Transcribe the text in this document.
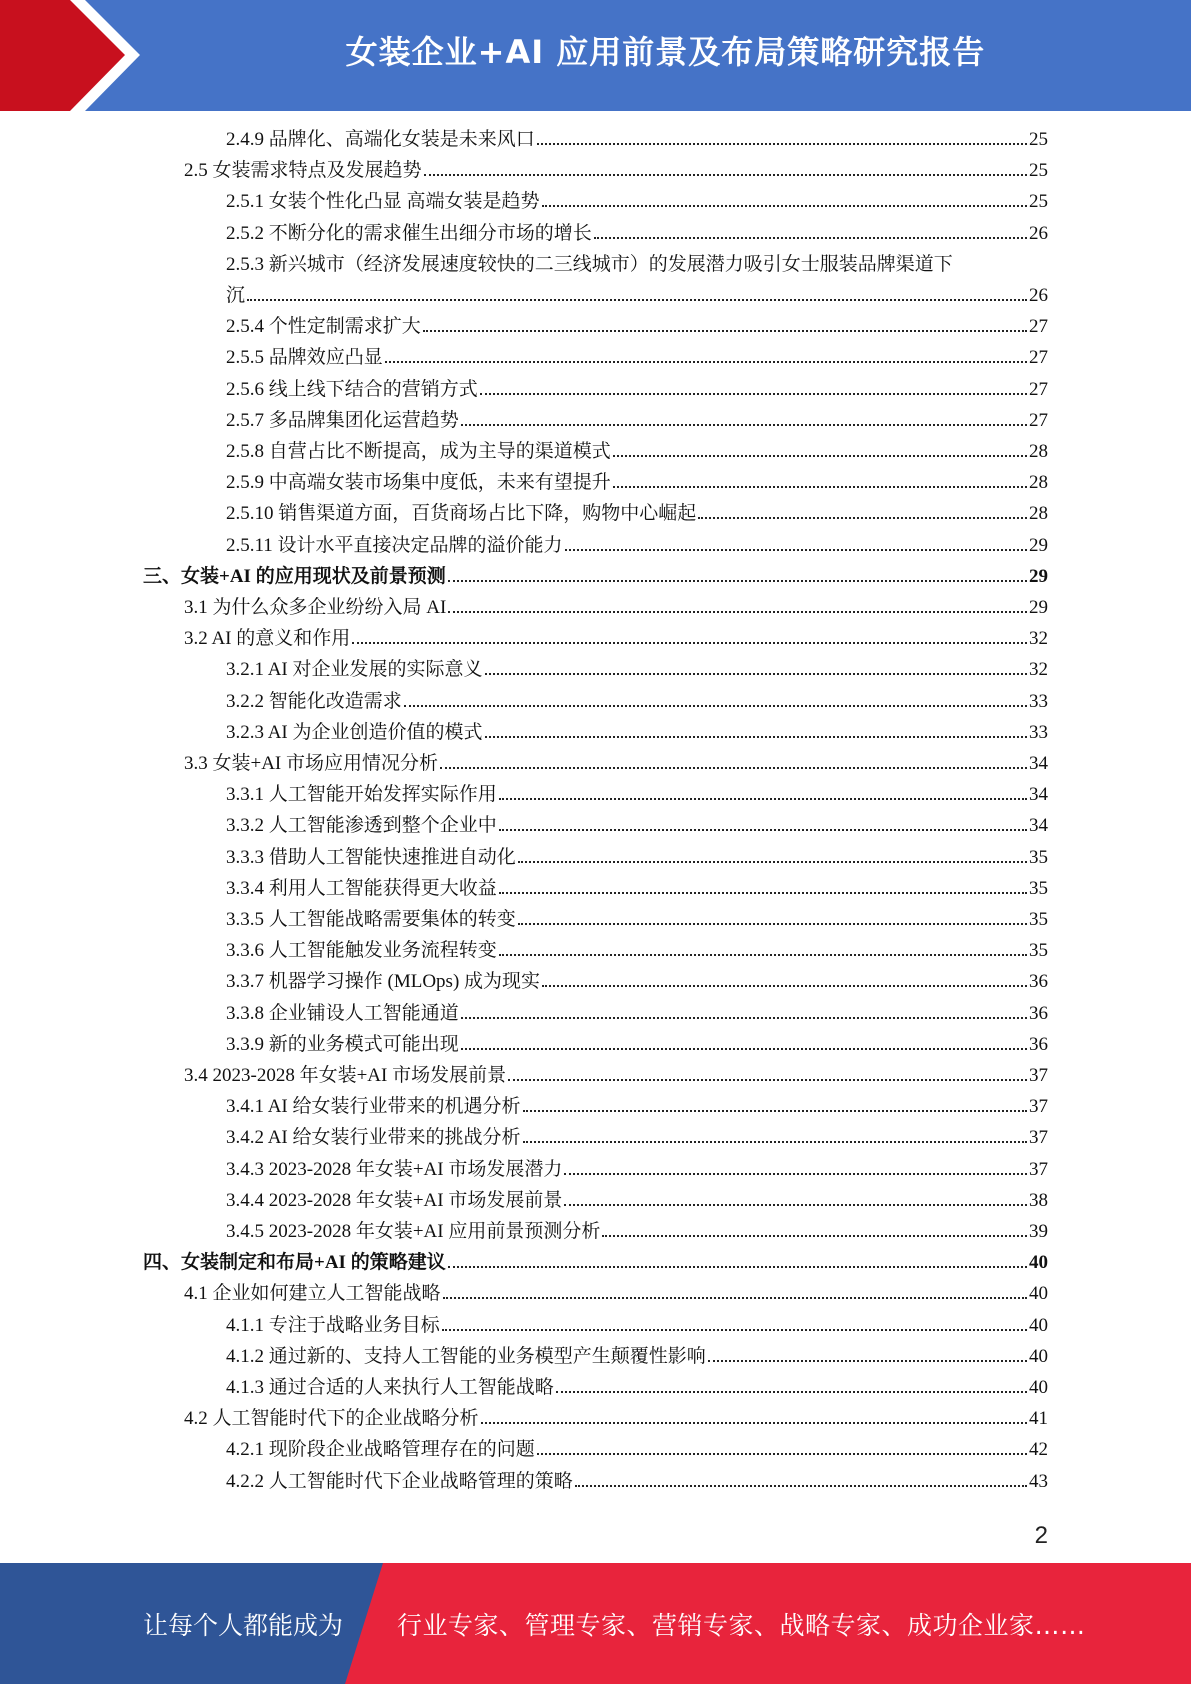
女装企业+AI 应用前景及布局策略研究报告
2.4.9 品牌化、高端化女装是未来风口	25
2.5 女装需求特点及发展趋势	25
2.5.1 女装个性化凸显 高端女装是趋势	25
2.5.2 不断分化的需求催生出细分市场的增长	26
2.5.3 新兴城市（经济发展速度较快的二三线城市）的发展潜力吸引女士服装品牌渠道下
沉	26
2.5.4 个性定制需求扩大	27
2.5.5 品牌效应凸显	27
2.5.6 线上线下结合的营销方式	27
2.5.7 多品牌集团化运营趋势	27
2.5.8 自营占比不断提高，成为主导的渠道模式	28
2.5.9 中高端女装市场集中度低，未来有望提升	28
2.5.10 销售渠道方面，百货商场占比下降，购物中心崛起	28
2.5.11 设计水平直接决定品牌的溢价能力	29
三、女装+AI 的应用现状及前景预测	29
3.1 为什么众多企业纷纷入局 AI	29
3.2 AI 的意义和作用	32
3.2.1 AI 对企业发展的实际意义	32
3.2.2 智能化改造需求	33
3.2.3 AI 为企业创造价值的模式	33
3.3 女装+AI 市场应用情况分析	34
3.3.1 人工智能开始发挥实际作用	34
3.3.2 人工智能渗透到整个企业中	34
3.3.3 借助人工智能快速推进自动化	35
3.3.4 利用人工智能获得更大收益	35
3.3.5 人工智能战略需要集体的转变	35
3.3.6 人工智能触发业务流程转变	35
3.3.7 机器学习操作 (MLOps) 成为现实	36
3.3.8 企业铺设人工智能通道	36
3.3.9 新的业务模式可能出现	36
3.4 2023-2028 年女装+AI 市场发展前景	37
3.4.1 AI 给女装行业带来的机遇分析	37
3.4.2 AI 给女装行业带来的挑战分析	37
3.4.3 2023-2028 年女装+AI 市场发展潜力	37
3.4.4 2023-2028 年女装+AI 市场发展前景	38
3.4.5 2023-2028 年女装+AI 应用前景预测分析	39
四、女装制定和布局+AI 的策略建议	40
4.1 企业如何建立人工智能战略	40
4.1.1 专注于战略业务目标	40
4.1.2 通过新的、支持人工智能的业务模型产生颠覆性影响	40
4.1.3 通过合适的人来执行人工智能战略	40
4.2 人工智能时代下的企业战略分析	41
4.2.1 现阶段企业战略管理存在的问题	42
4.2.2 人工智能时代下企业战略管理的策略	43
2
让每个人都能成为 行业专家、管理专家、营销专家、战略专家、成功企业家……
